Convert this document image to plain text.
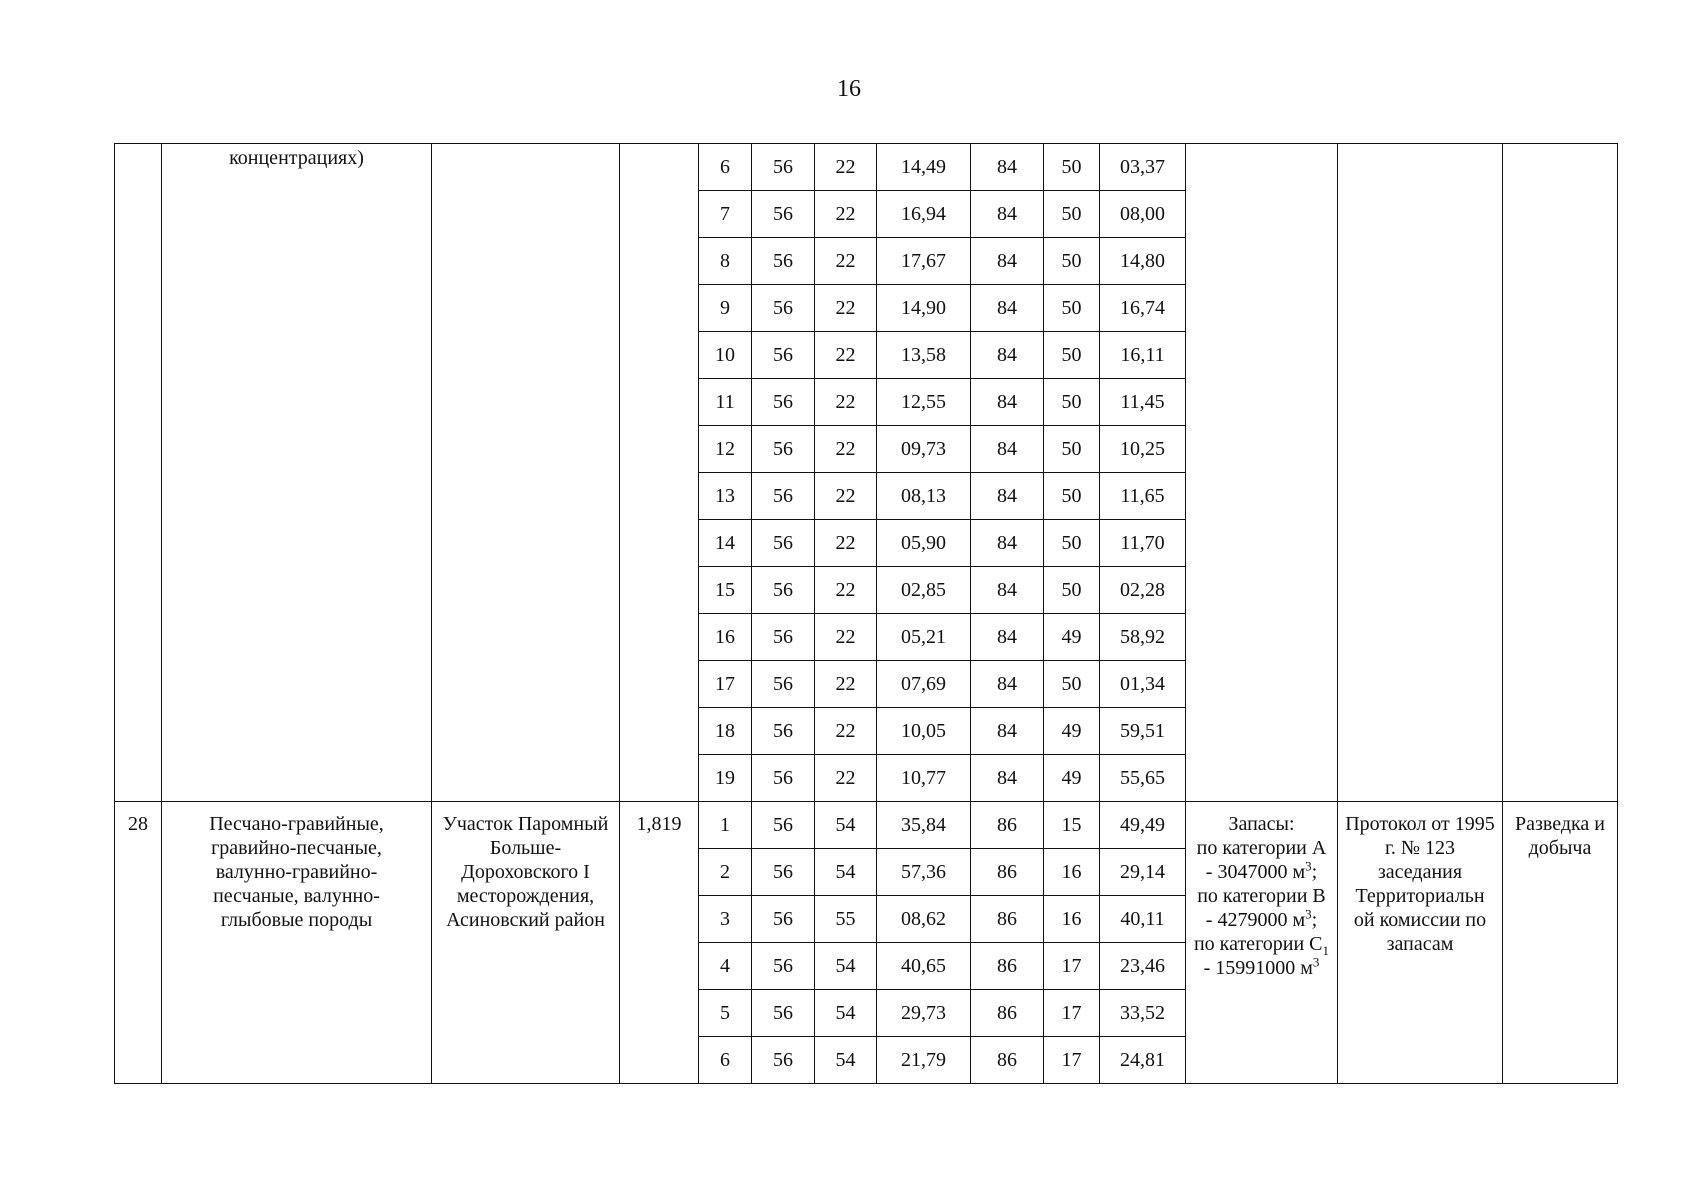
16

	концентрациях)			6	56	22	14,49	84	50	03,37			
				7	56	22	16,94	84	50	08,00			
				8	56	22	17,67	84	50	14,80			
				9	56	22	14,90	84	50	16,74			
				10	56	22	13,58	84	50	16,11			
				11	56	22	12,55	84	50	11,45			
				12	56	22	09,73	84	50	10,25			
				13	56	22	08,13	84	50	11,65			
				14	56	22	05,90	84	50	11,70			
				15	56	22	02,85	84	50	02,28			
				16	56	22	05,21	84	49	58,92			
				17	56	22	07,69	84	50	01,34			
				18	56	22	10,05	84	49	59,51			
				19	56	22	10,77	84	49	55,65			
28	Песчано-гравийные, гравийно-песчаные, валунно-гравийно-песчаные, валунно-глыбовые породы	Участок Паромный Больше-Дороховского I месторождения, Асиновский район	1,819	1	56	54	35,84	86	15	49,49	Запасы:
по категории А - 3047000 $м^3$;
по категории В - 4279000 $м^3$;
по категории $С_1 - 15991000$ $м^3$	Протокол от 1995 г. № 123 заседания Территориальн ой комиссии по запасам	Разведка и добыча

				2	56	54	57,36	86	16	29,14			
				3	56	55	08,62	86	16	40,11			
				4	56	54	40,65	86	17	23,46			
				5	56	54	29,73	86	17	33,52			
				6	56	54	21,79	86	17	24,81			
